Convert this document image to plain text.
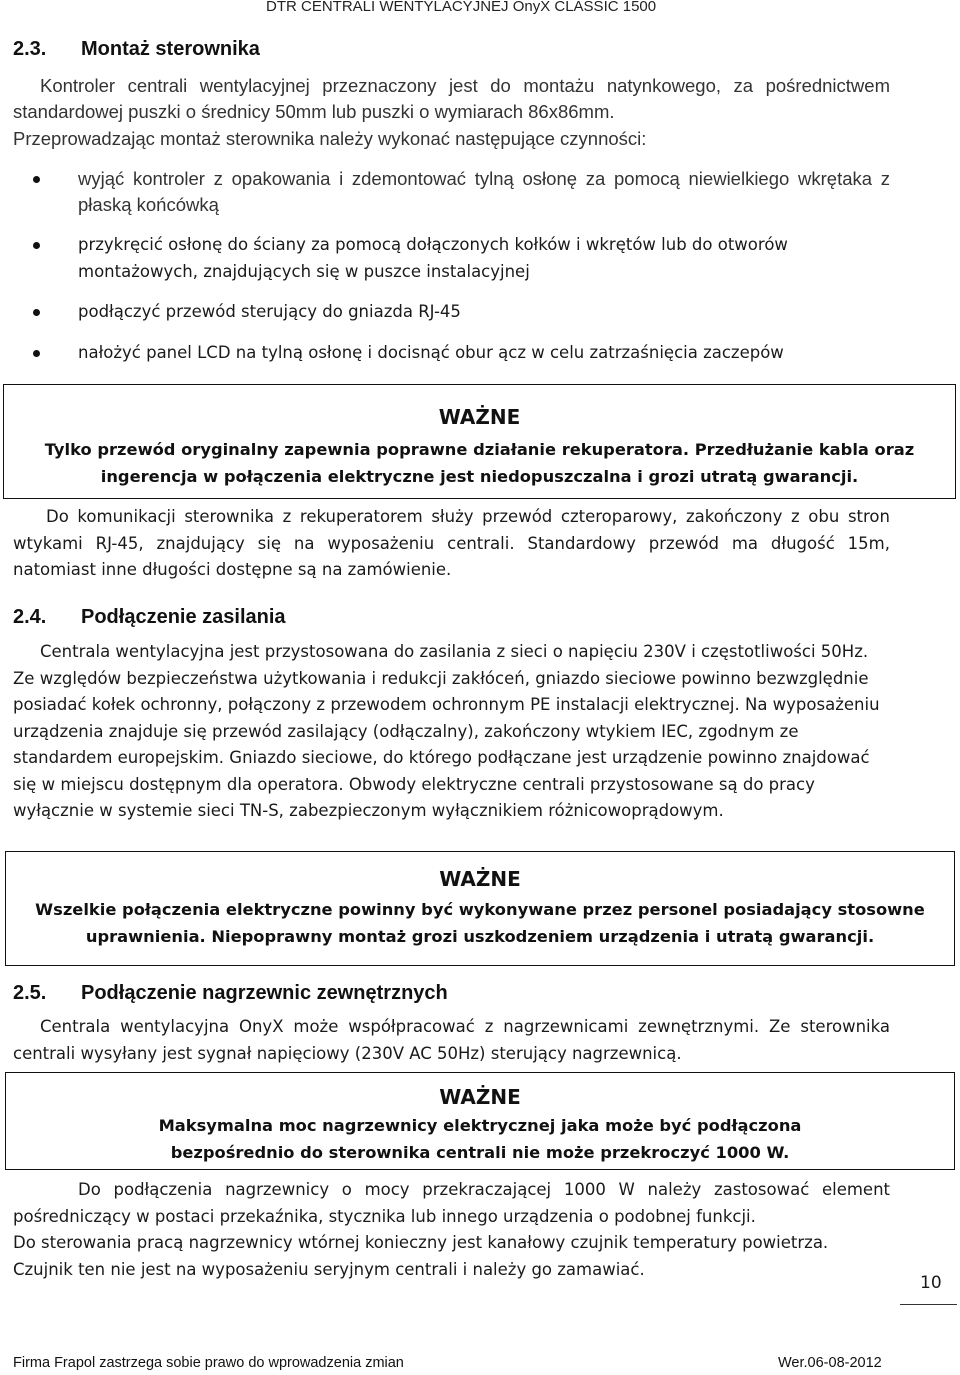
DTR CENTRALI WENTYLACYJNEJ OnyX CLASSIC 1500
2.3. Montaż sterownika
Kontroler centrali wentylacyjnej przeznaczony jest do montażu natynkowego, za pośrednictwem standardowej puszki o średnicy 50mm lub puszki o wymiarach 86x86mm.
Przeprowadzając montaż sterownika należy wykonać następujące czynności:
wyjąć kontroler z opakowania i zdemontować tylną osłonę za pomocą niewielkiego wkrętaka z płaską końcówką
przykręcić osłonę do ściany za pomocą dołączonych kołków i wkrętów lub do otworów montażowych, znajdujących się w puszce instalacyjnej
podłączyć przewód sterujący do gniazda RJ-45
nałożyć panel LCD na tylną osłonę i docisnąć obur ącz w celu zatrzaśnięcia zaczepów
WAŻNE
Tylko przewód oryginalny zapewnia poprawne działanie rekuperatora. Przedłużanie kabla oraz ingerencja w połączenia elektryczne jest niedopuszczalna i grozi utratą gwarancji.
Do komunikacji sterownika z rekuperatorem służy przewód czteroparowy, zakończony z obu stron wtykami RJ-45, znajdujący się na wyposażeniu centrali. Standardowy przewód ma długość 15m, natomiast inne długości dostępne są na zamówienie.
2.4. Podłączenie zasilania
Centrala wentylacyjna jest przystosowana do zasilania z sieci o napięciu 230V i częstotliwości 50Hz. Ze względów bezpieczeństwa użytkowania i redukcji zakłóceń, gniazdo sieciowe powinno bezwzględnie posiadać kołek ochronny, połączony z przewodem ochronnym PE instalacji elektrycznej. Na wyposażeniu urządzenia znajduje się przewód zasilający (odłączalny), zakończony wtykiem IEC, zgodnym ze standardem europejskim. Gniazdo sieciowe, do którego podłączane jest urządzenie powinno znajdować się w miejscu dostępnym dla operatora. Obwody elektryczne centrali przystosowane są do pracy wyłącznie w systemie sieci TN-S, zabezpieczonym wyłącznikiem różnicowoprądowym.
WAŻNE
Wszelkie połączenia elektryczne powinny być wykonywane przez personel posiadający stosowne uprawnienia. Niepoprawny montaż grozi uszkodzeniem urządzenia i utratą gwarancji.
2.5. Podłączenie nagrzewnic zewnętrznych
Centrala wentylacyjna OnyX może współpracować z nagrzewnicami zewnętrznymi. Ze sterownika centrali wysyłany jest sygnał napięciowy (230V AC 50Hz) sterujący nagrzewnicą.
WAŻNE
Maksymalna moc nagrzewnicy elektrycznej jaka może być podłączona bezpośrednio do sterownika centrali nie może przekroczyć 1000 W.
Do podłączenia nagrzewnicy o mocy przekraczającej 1000 W należy zastosować element pośredniczący w postaci przekaźnika, stycznika lub innego urządzenia o podobnej funkcji.
Do sterowania pracą nagrzewnicy wtórnej konieczny jest kanałowy czujnik temperatury powietrza. Czujnik ten nie jest na wyposażeniu seryjnym centrali i należy go zamawiać.
10
Firma Frapol zastrzega sobie prawo do wprowadzenia zmian	Wer.06-08-2012
